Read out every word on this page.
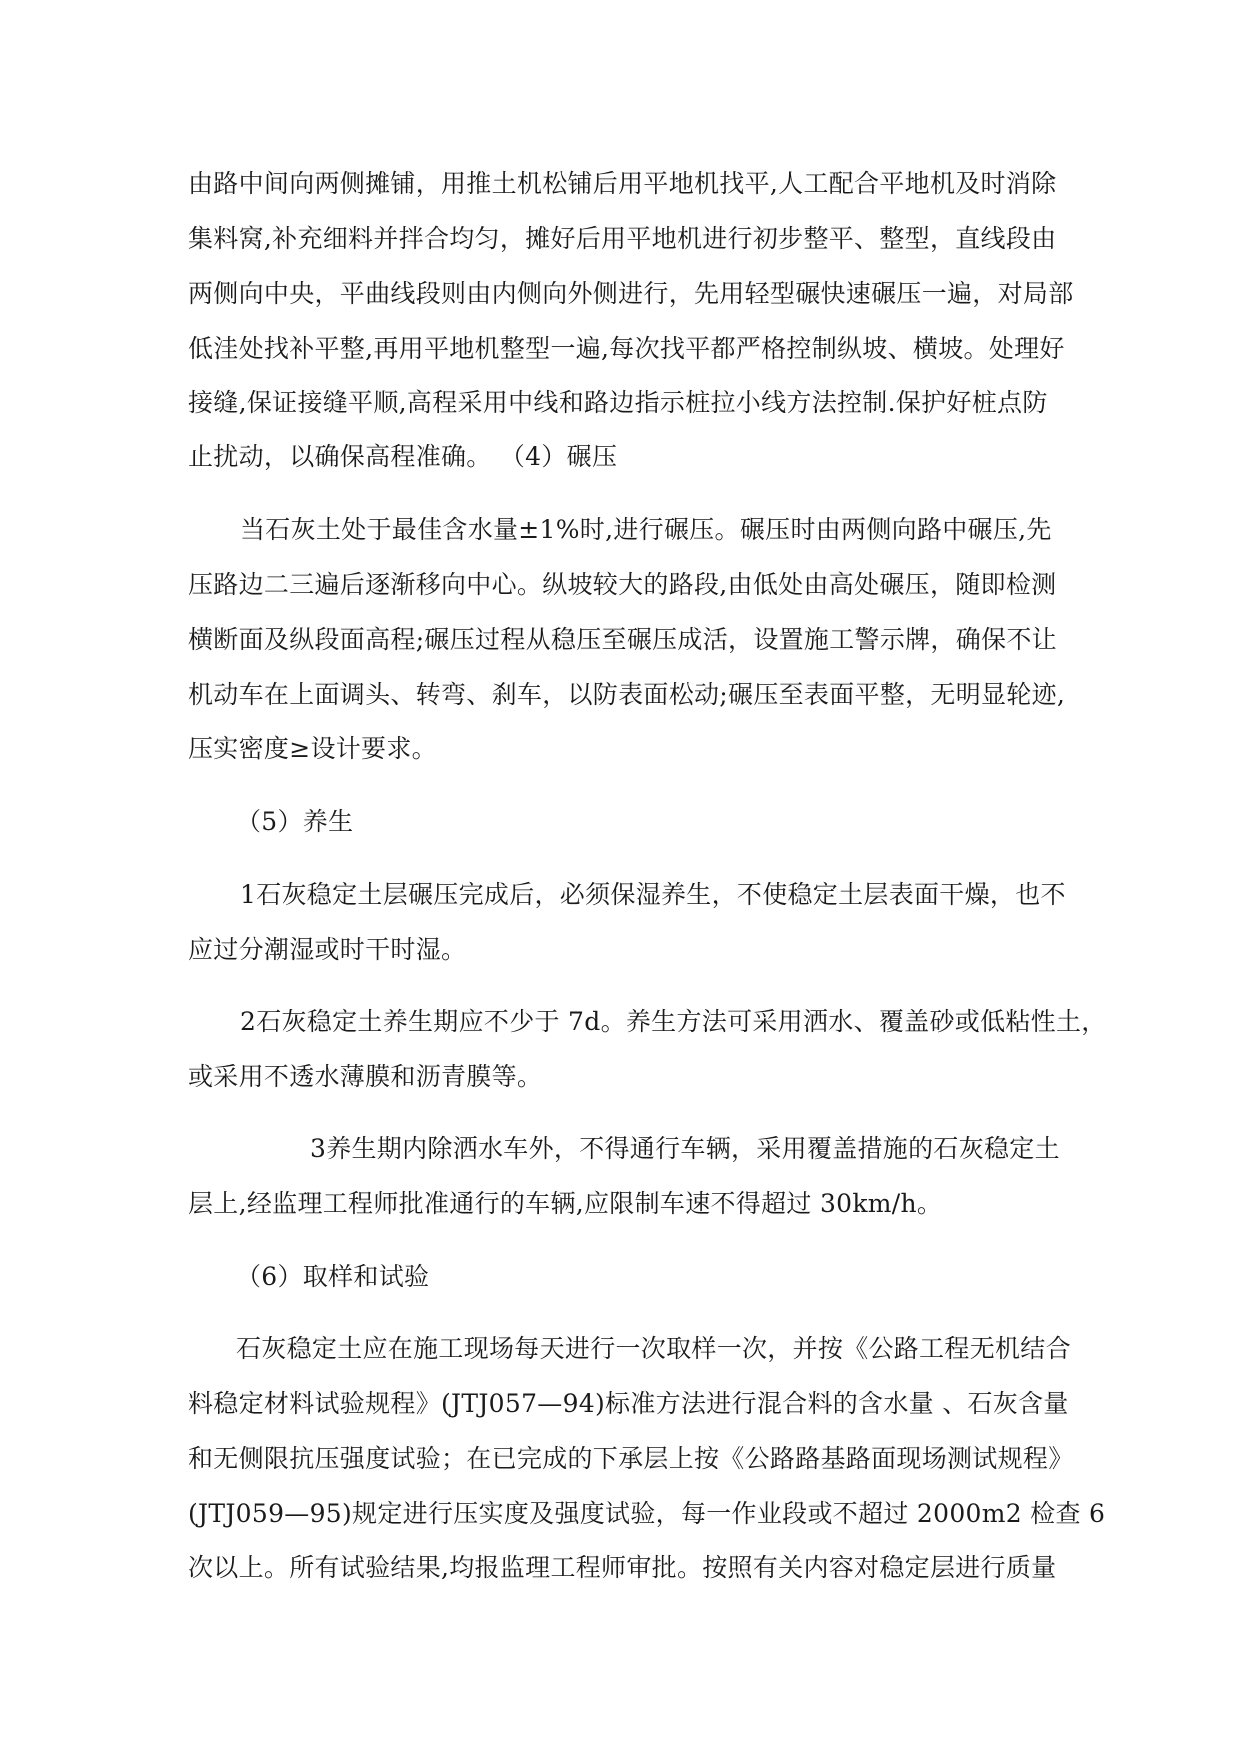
由路中间向两侧摊铺，用推土机松铺后用平地机找平,人工配合平地机及时消除
集料窝,补充细料并拌合均匀，摊好后用平地机进行初步整平、整型，直线段由
两侧向中央，平曲线段则由内侧向外侧进行，先用轻型碾快速碾压一遍，对局部
低洼处找补平整,再用平地机整型一遍,每次找平都严格控制纵坡、横坡。处理好
接缝,保证接缝平顺,高程采用中线和路边指示桩拉小线方法控制.保护好桩点防
止扰动，以确保高程准确。 （4）碾压
当石灰土处于最佳含水量±1%时,进行碾压。碾压时由两侧向路中碾压,先
压路边二三遍后逐渐移向中心。纵坡较大的路段,由低处由高处碾压，随即检测
横断面及纵段面高程;碾压过程从稳压至碾压成活，设置施工警示牌，确保不让
机动车在上面调头、转弯、刹车，以防表面松动;碾压至表面平整，无明显轮迹,
压实密度≥设计要求。
（5）养生
1石灰稳定土层碾压完成后，必须保湿养生，不使稳定土层表面干燥，也不
应过分潮湿或时干时湿。
2石灰稳定土养生期应不少于 7d。养生方法可采用洒水、覆盖砂或低粘性土，
或采用不透水薄膜和沥青膜等。
3养生期内除洒水车外，不得通行车辆，采用覆盖措施的石灰稳定土
层上,经监理工程师批准通行的车辆,应限制车速不得超过 30km/h。
（6）取样和试验
石灰稳定土应在施工现场每天进行一次取样一次，并按《公路工程无机结合
料稳定材料试验规程》(JTJ057—94)标准方法进行混合料的含水量 、石灰含量
和无侧限抗压强度试验；在已完成的下承层上按《公路路基路面现场测试规程》
(JTJ059—95)规定进行压实度及强度试验，每一作业段或不超过 2000m2 检查 6
次以上。所有试验结果,均报监理工程师审批。按照有关内容对稳定层进行质量
